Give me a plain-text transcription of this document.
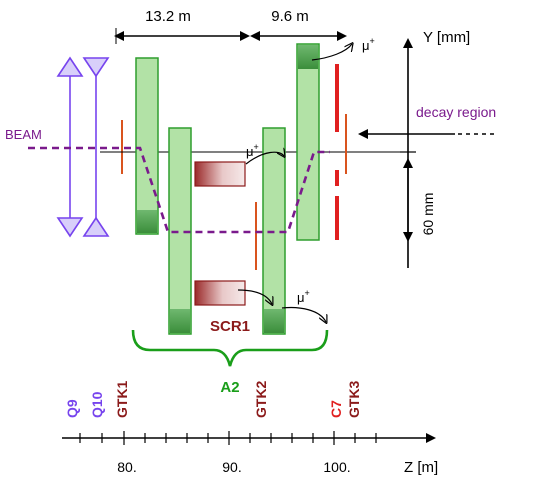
13.2 m	9.6 m
BEAM
μ+
μ+
μ+	Y [mm]
60 mm
decay region
SCR1
A2
Q9 Q10 GTK1	GTK2	C7 GTK3
80.	90.	100.	Z [m]
